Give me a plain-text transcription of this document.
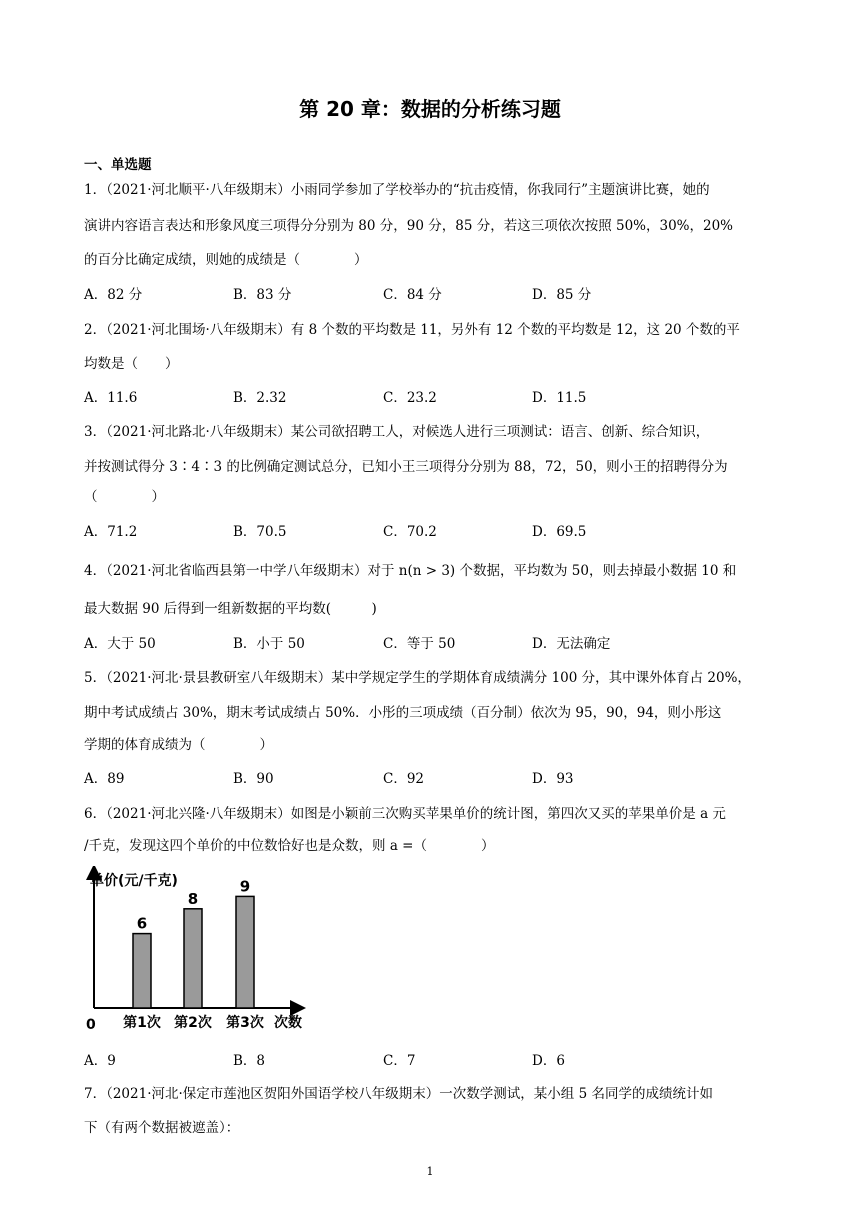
第 20 章：数据的分析练习题
一、单选题
1．（2021·河北顺平·八年级期末）小雨同学参加了学校举办的“抗击疫情，你我同行”主题演讲比赛，她的
演讲内容语言表达和形象风度三项得分分别为 80 分，90 分，85 分，若这三项依次按照 50%，30%，20%
的百分比确定成绩，则她的成绩是（　　　　）
A．82 分	B．83 分	C．84 分	D．85 分
2．（2021·河北围场·八年级期末）有 8 个数的平均数是 11，另外有 12 个数的平均数是 12，这 20 个数的平
均数是（　　）
A．11.6	B．2.32	C．23.2	D．11.5
3．（2021·河北路北·八年级期末）某公司欲招聘工人，对候选人进行三项测试：语言、创新、综合知识，
并按测试得分 3∶4∶3 的比例确定测试总分，已知小王三项得分分别为 88，72，50，则小王的招聘得分为
（　　　　）
A．71.2	B．70.5	C．70.2	D．69.5
4．（2021·河北省临西县第一中学八年级期末）对于 n(n > 3) 个数据，平均数为 50，则去掉最小数据 10 和
最大数据 90 后得到一组新数据的平均数(　　　)
A．大于 50	B．小于 50	C．等于 50	D．无法确定
5．（2021·河北·景县教研室八年级期末）某中学规定学生的学期体育成绩满分 100 分，其中课外体育占 20%，
期中考试成绩占 30%，期末考试成绩占 50%．小彤的三项成绩（百分制）依次为 95，90，94，则小彤这
学期的体育成绩为（　　　　）
A．89	B．90	C．92	D．93
6．（2021·河北兴隆·八年级期末）如图是小颖前三次购买苹果单价的统计图，第四次又买的苹果单价是 a 元
/千克，发现这四个单价的中位数恰好也是众数，则 a =（　　　　）
单价(元/千克)
次数
0
6
第1次
8
第2次
9
第3次
A．9	B．8	C．7	D．6
7．（2021·河北·保定市莲池区贺阳外国语学校八年级期末）一次数学测试，某小组 5 名同学的成绩统计如
下（有两个数据被遮盖）：
1
